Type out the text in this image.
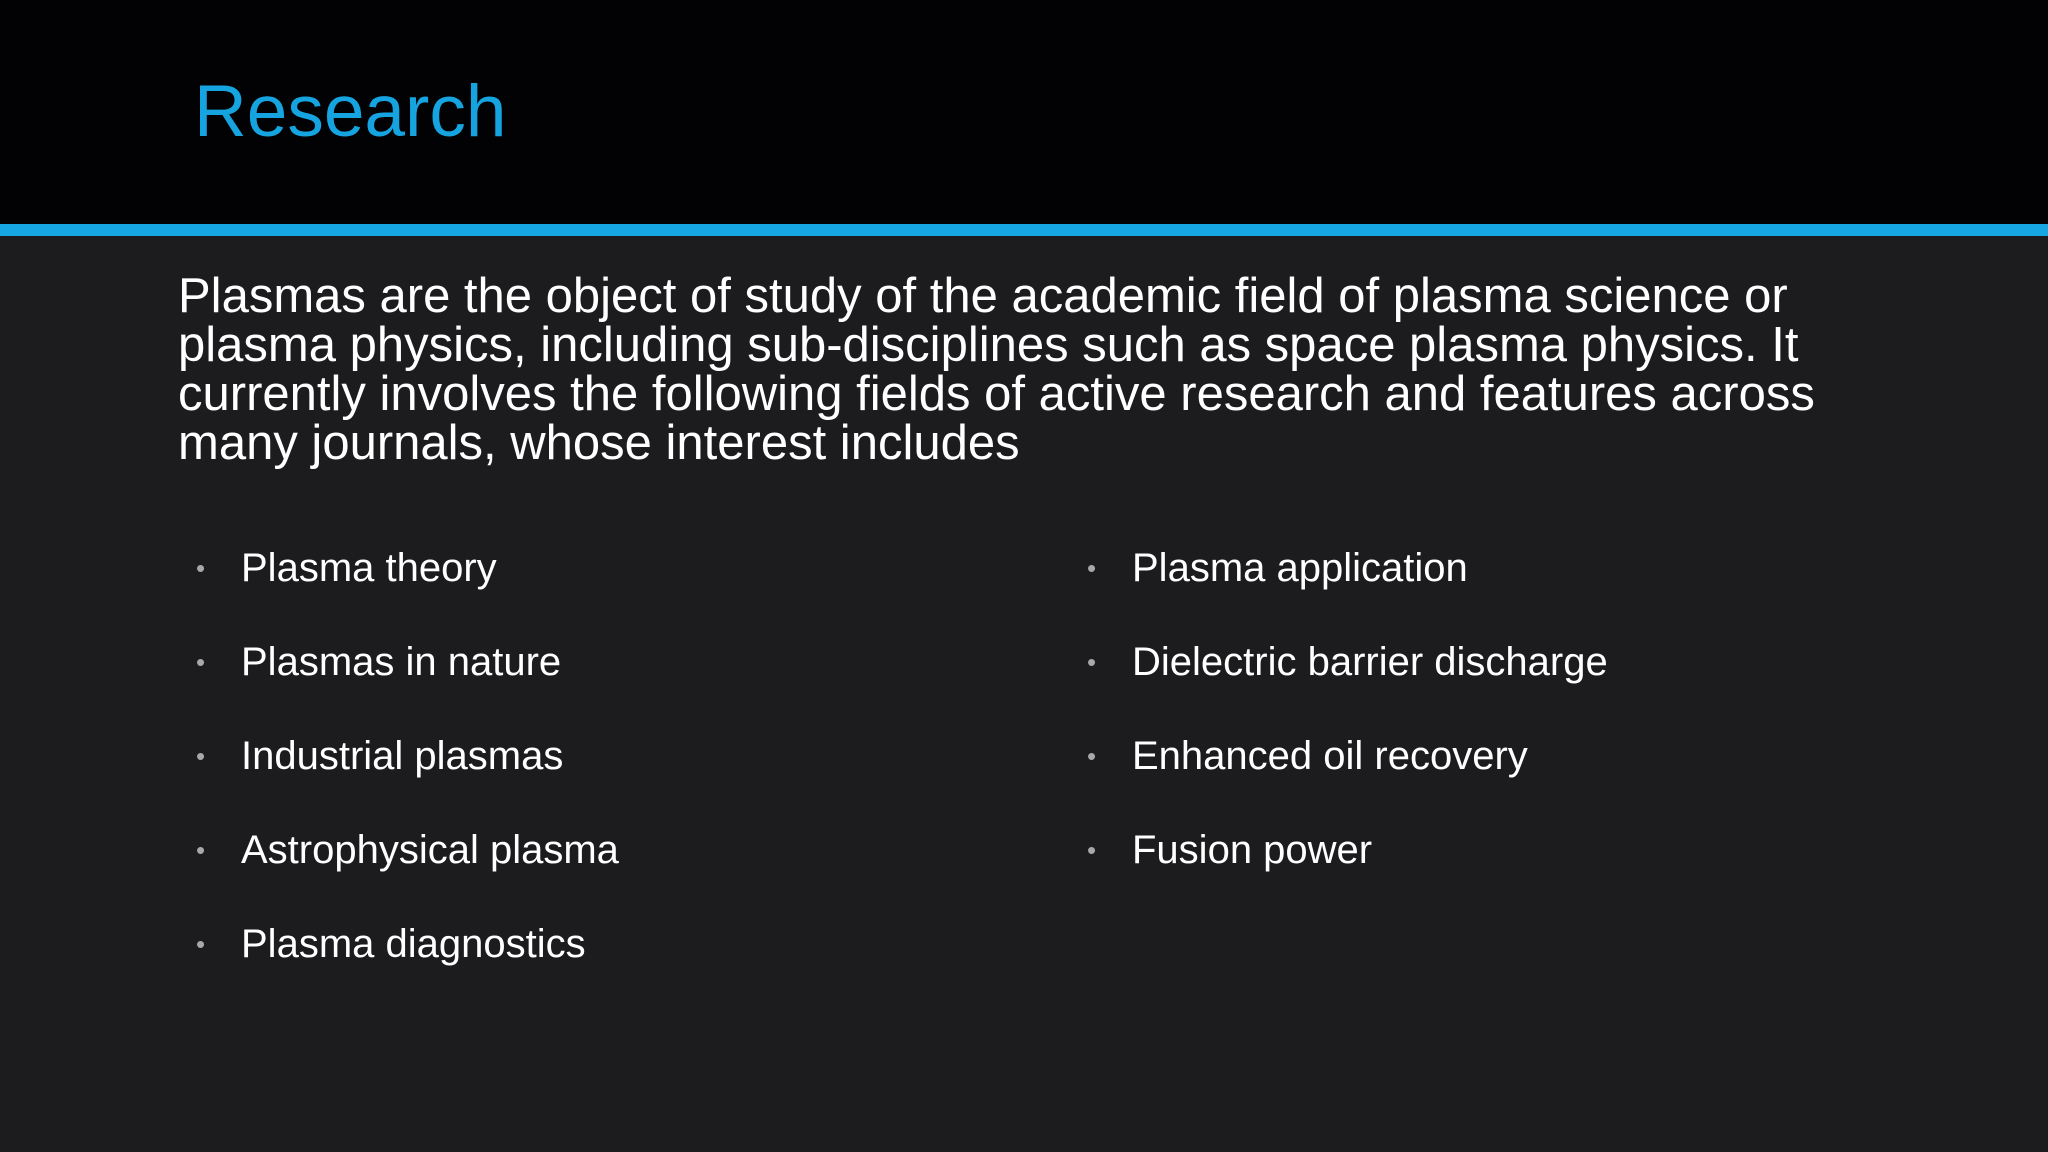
Research

Plasmas are the object of study of the academic field of plasma science or plasma physics, including sub-disciplines such as space plasma physics. It currently involves the following fields of active research and features across many journals, whose interest includes

• Plasma theory
• Plasmas in nature
• Industrial plasmas
• Astrophysical plasma
• Plasma diagnostics
• Plasma application
• Dielectric barrier discharge
• Enhanced oil recovery
• Fusion power
